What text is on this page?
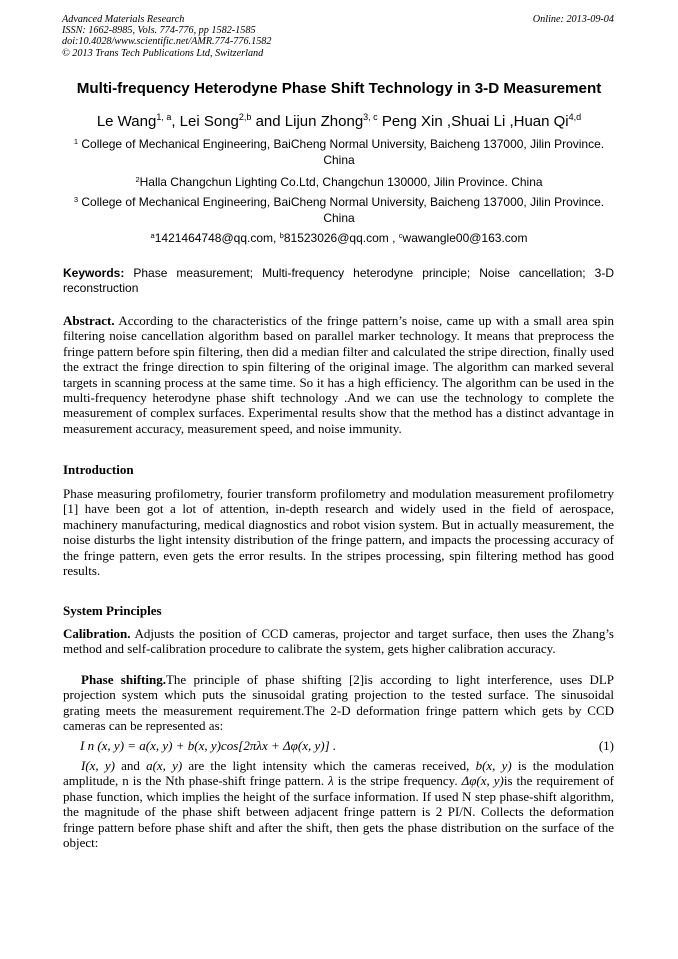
Advanced Materials Research
ISSN: 1662-8985, Vols. 774-776, pp 1582-1585
doi:10.4028/www.scientific.net/AMR.774-776.1582
© 2013 Trans Tech Publications Ltd, Switzerland
Online: 2013-09-04
Multi-frequency Heterodyne Phase Shift Technology in 3-D Measurement
Le Wang$^{1, a}$, Lei Song$^{2,b}$ and Lijun Zhong$^{3, c}$ Peng Xin ,Shuai Li ,Huan Qi$^{4,d}$
$^1$ College of Mechanical Engineering, BaiCheng Normal University, Baicheng 137000, Jilin Province. China
$^2$Halla Changchun Lighting Co.Ltd, Changchun 130000, Jilin Province. China
$^3$ College of Mechanical Engineering, BaiCheng Normal University, Baicheng 137000, Jilin Province. China
$^a$1421464748@qq.com, $^b$81523026@qq.com , $^c$wawangle00@163.com
Keywords: Phase measurement; Multi-frequency heterodyne principle; Noise cancellation; 3-D reconstruction
Abstract. According to the characteristics of the fringe pattern’s noise, came up with a small area spin filtering noise cancellation algorithm based on parallel marker technology. It means that preprocess the fringe pattern before spin filtering, then did a median filter and calculated the stripe direction, finally used the extract the fringe direction to spin filtering of the original image. The algorithm can marked several targets in scanning process at the same time. So it has a high efficiency. The algorithm can be used in the multi-frequency heterodyne phase shift technology .And we can use the technology to complete the measurement of complex surfaces. Experimental results show that the method has a distinct advantage in measurement accuracy, measurement speed, and noise immunity.
Introduction
Phase measuring profilometry, fourier transform profilometry and modulation measurement profilometry [1] have been got a lot of attention, in-depth research and widely used in the field of aerospace, machinery manufacturing, medical diagnostics and robot vision system. But in actually measurement, the noise disturbs the light intensity distribution of the fringe pattern, and impacts the processing accuracy of the fringe pattern, even gets the error results. In the stripes processing, spin filtering method has good results.
System Principles
Calibration. Adjusts the position of CCD cameras, projector and target surface, then uses the Zhang’s method and self-calibration procedure to calibrate the system, gets higher calibration accuracy.
Phase shifting.The principle of phase shifting [2]is according to light interference, uses DLP projection system which puts the sinusoidal grating projection to the tested surface. The sinusoidal grating meets the measurement requirement.The 2-D deformation fringe pattern which gets by CCD cameras can be represented as:
I n (x, y) = a(x, y) + b(x, y)cos[2πλx + Δφ(x, y)] .	(1)
I(x, y) and a(x, y) are the light intensity which the cameras received, b(x, y) is the modulation amplitude, n is the Nth phase-shift fringe pattern. λ is the stripe frequency. Δφ(x, y)is the requirement of phase function, which implies the height of the surface information. If used N step phase-shift algorithm, the magnitude of the phase shift between adjacent fringe pattern is 2 PI/N. Collects the deformation fringe pattern before phase shift and after the shift, then gets the phase distribution on the surface of the object:
